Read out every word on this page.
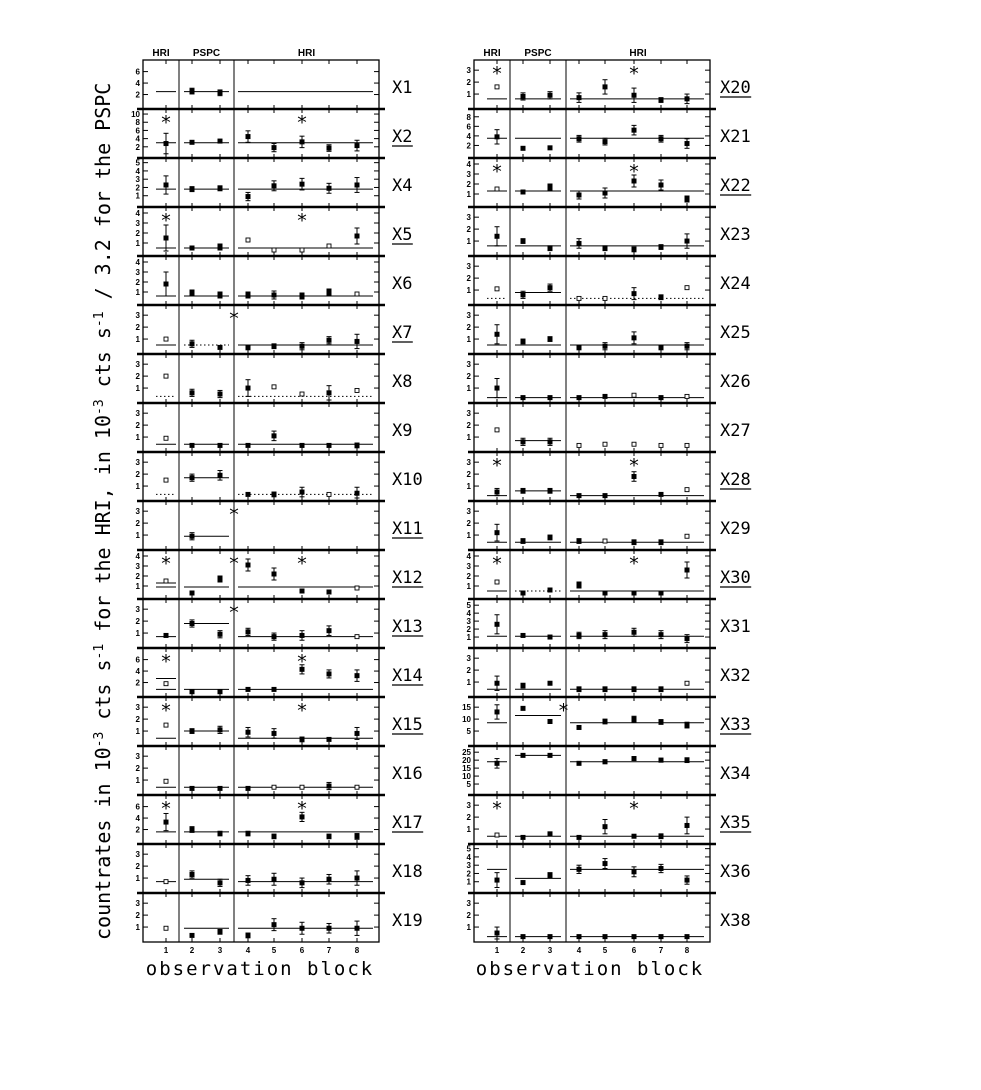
countrates in $10^{-3}$ cts $s^{-1}$ for the HRI, in $10^{-3}$ cts $s^{-1} / 3.2$ for the PSPC
HRI PSPC	HRI
2
4
6
X1
2
4
6
8
10 *	*
X2
1
2
3
4
5
X4
1
2
3
4 *	*
X5
1
2
3
4
X6
1
2
3	*
X7
1
2
3
X8
1
2
3
X9
1
2
3
X10
1
2
3	*
X11
1
2
3
4 *	*	*
X12
1
2
3	*
X13
2
4
6 *	*
X14
1
2
3 *	*
X15
1
2
3
X16
2
4
6 *	*
X17
1
2
3
X18
1
2
3
X19
1	2	3	4	5	6	7	8
HRI PSPC	HRI
1
2
3 *	*
X20
2
4
6
8
X21
1
2
3
4 *	*
X22
1
2
3
X23
1
2
3
X24
1
2
3
X25
1
2
3
X26
1
2
3
X27
1
2
3 *	*
X28
1
2
3
X29
1
2
3
4 *	*
X30
1
2
3
4
5
X31
1
2
3
X32
5
10
15	*
X33
5
10
15
20
25
X34
1
2
3 *	*
X35
1
2
3
4
5
X36
1
2
3
X38
1	2	3	4	5	6	7	8
observation block	observation block
